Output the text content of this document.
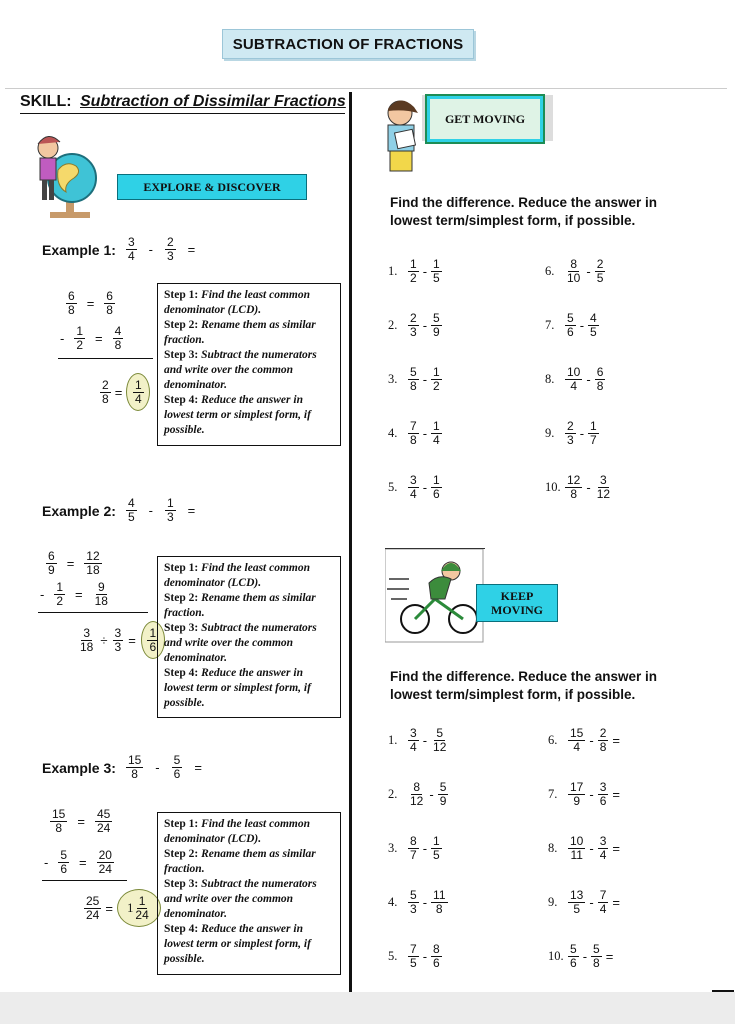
SUBTRACTION OF FRACTIONS
SKILL: Subtraction of Dissimilar Fractions
EXPLORE & DISCOVER
Example 1: $\frac{3}{4} - \frac{2}{3}$ =
$\frac{6}{8} = \frac{6}{8}$
- $\frac{1}{2} = \frac{4}{8}$
$\frac{2}{8} = \frac{1}{4}$
Step 1: Find the least common denominator (LCD).
Step 2: Rename them as similar fraction.
Step 3: Subtract the numerators and write over the common denominator.
Step 4: Reduce the answer in lowest term or simplest form, if possible.
Example 2: $\frac{4}{5} - \frac{1}{3}$ =
$\frac{6}{9} = \frac{12}{18}$
- $\frac{1}{2} = \frac{9}{18}$
$\frac{3}{18} \div \frac{3}{3} = \frac{1}{6}$
Step 1: Find the least common denominator (LCD).
Step 2: Rename them as similar fraction.
Step 3: Subtract the numerators and write over the common denominator.
Step 4: Reduce the answer in lowest term or simplest form, if possible.
Example 3: $\frac{15}{8} - \frac{5}{6}$ =
$\frac{15}{8} = \frac{45}{24}$
- $\frac{5}{6} = \frac{20}{24}$
$\frac{25}{24} = 1 \frac{1}{24}$
Step 1: Find the least common denominator (LCD).
Step 2: Rename them as similar fraction.
Step 3: Subtract the numerators and write over the common denominator.
Step 4: Reduce the answer in lowest term or simplest form, if possible.
GET MOVING
Find the difference. Reduce the answer in lowest term/simplest form, if possible.
1. $\frac{1}{2} - \frac{1}{5}$
2. $\frac{2}{3} - \frac{5}{9}$
3. $\frac{5}{8} - \frac{1}{2}$
4. $\frac{7}{8} - \frac{1}{4}$
5. $\frac{3}{4} - \frac{1}{6}$
6. $\frac{8}{10} - \frac{2}{5}$
7. $\frac{5}{6} - \frac{4}{5}$
8. $\frac{10}{4} - \frac{6}{8}$
9. $\frac{2}{3} - \frac{1}{7}$
10. $\frac{12}{8} - \frac{3}{12}$
1. $\frac{3}{4} - \frac{5}{12}$
2. $\frac{8}{12} - \frac{5}{9}$
3. $\frac{8}{7} - \frac{1}{5}$
4. $\frac{5}{3} - \frac{11}{8}$
5. $\frac{7}{5} - \frac{8}{6}$
6. $\frac{15}{4} - \frac{2}{8}$ =
7. $\frac{17}{9} - \frac{3}{6}$ =
8. $\frac{10}{11} - \frac{3}{4}$ =
9. $\frac{13}{5} - \frac{7}{4}$ =
10. $\frac{5}{6} - \frac{5}{8}$ =
KEEP MOVING
Find the difference. Reduce the answer in lowest term/simplest form, if possible.
